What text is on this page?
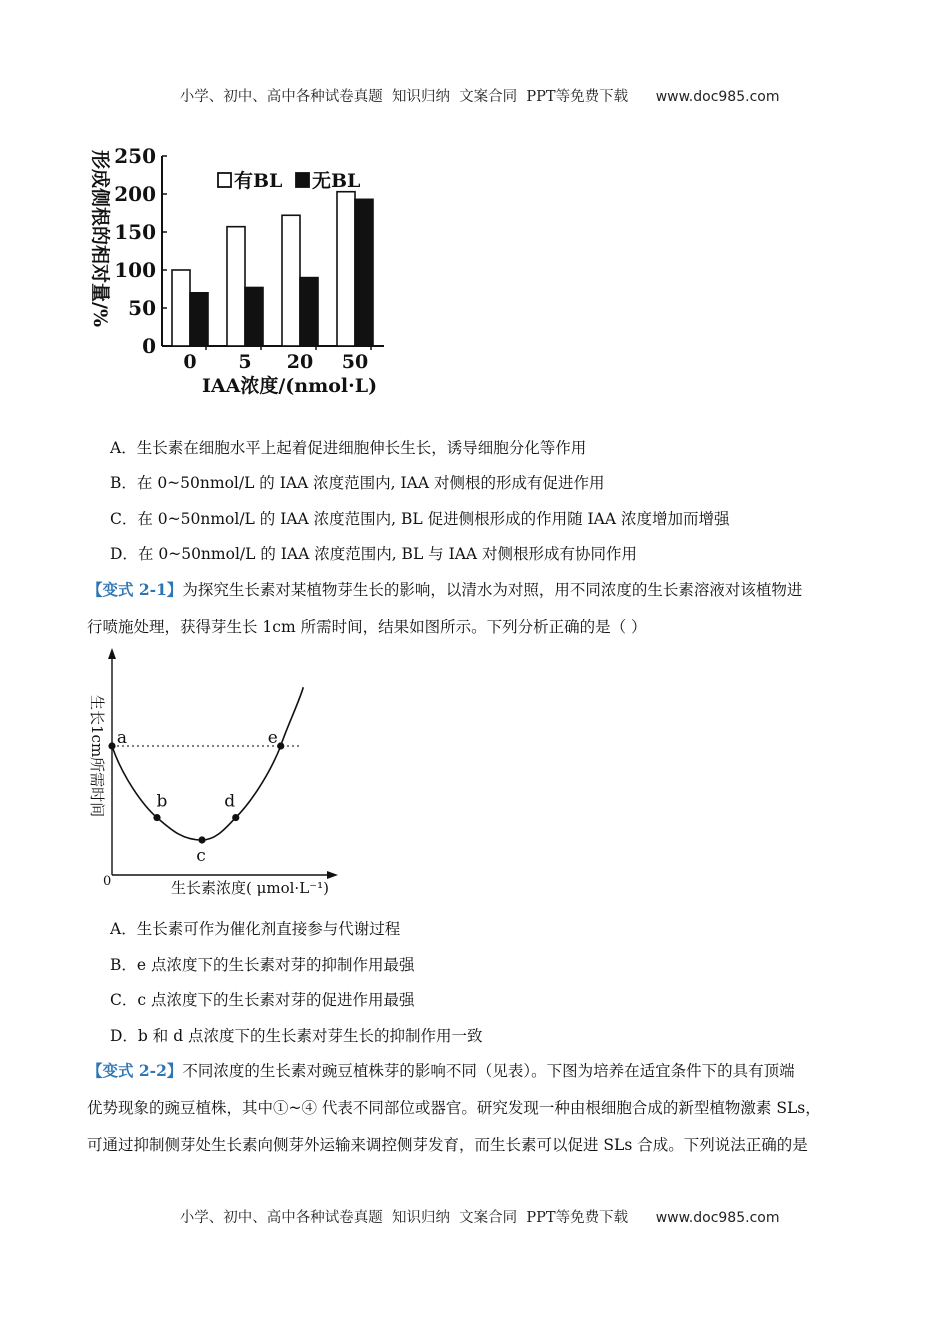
小学、初中、高中各种试卷真题  知识归纳  文案合同  PPT等免费下载 www.doc985.com

形成侧根的相对量/%
0
50
100
150
200
250
0 5 20 50
有BL 无BL
IAA浓度/(nmol·L)
A．生长素在细胞水平上起着促进细胞伸长生长，诱导细胞分化等作用
B．在 0~50nmol/L 的 IAA 浓度范围内, IAA 对侧根的形成有促进作用
C．在 0~50nmol/L 的 IAA 浓度范围内, BL 促进侧根形成的作用随 IAA 浓度增加而增强
D．在 0~50nmol/L 的 IAA 浓度范围内, BL 与 IAA 对侧根形成有协同作用
【变式 2-1】为探究生长素对某植物芽生长的影响，以清水为对照，用不同浓度的生长素溶液对该植物进
行喷施处理，获得芽生长 1cm 所需时间，结果如图所示。下列分析正确的是（ ）
生长1cm所需时间
0	生长素浓度( μmol·L⁻¹)
a
b
c
d
e
A．生长素可作为催化剂直接参与代谢过程
B．e 点浓度下的生长素对芽的抑制作用最强
C．c 点浓度下的生长素对芽的促进作用最强
D．b 和 d 点浓度下的生长素对芽生长的抑制作用一致
【变式 2-2】不同浓度的生长素对豌豆植株芽的影响不同（见表）。下图为培养在适宜条件下的具有顶端
优势现象的豌豆植株，其中①~④ 代表不同部位或器官。研究发现一种由根细胞合成的新型植物激素 SLs，
可通过抑制侧芽处生长素向侧芽外运输来调控侧芽发育，而生长素可以促进 SLs 合成。下列说法正确的是

小学、初中、高中各种试卷真题  知识归纳  文案合同  PPT等免费下载 www.doc985.com
